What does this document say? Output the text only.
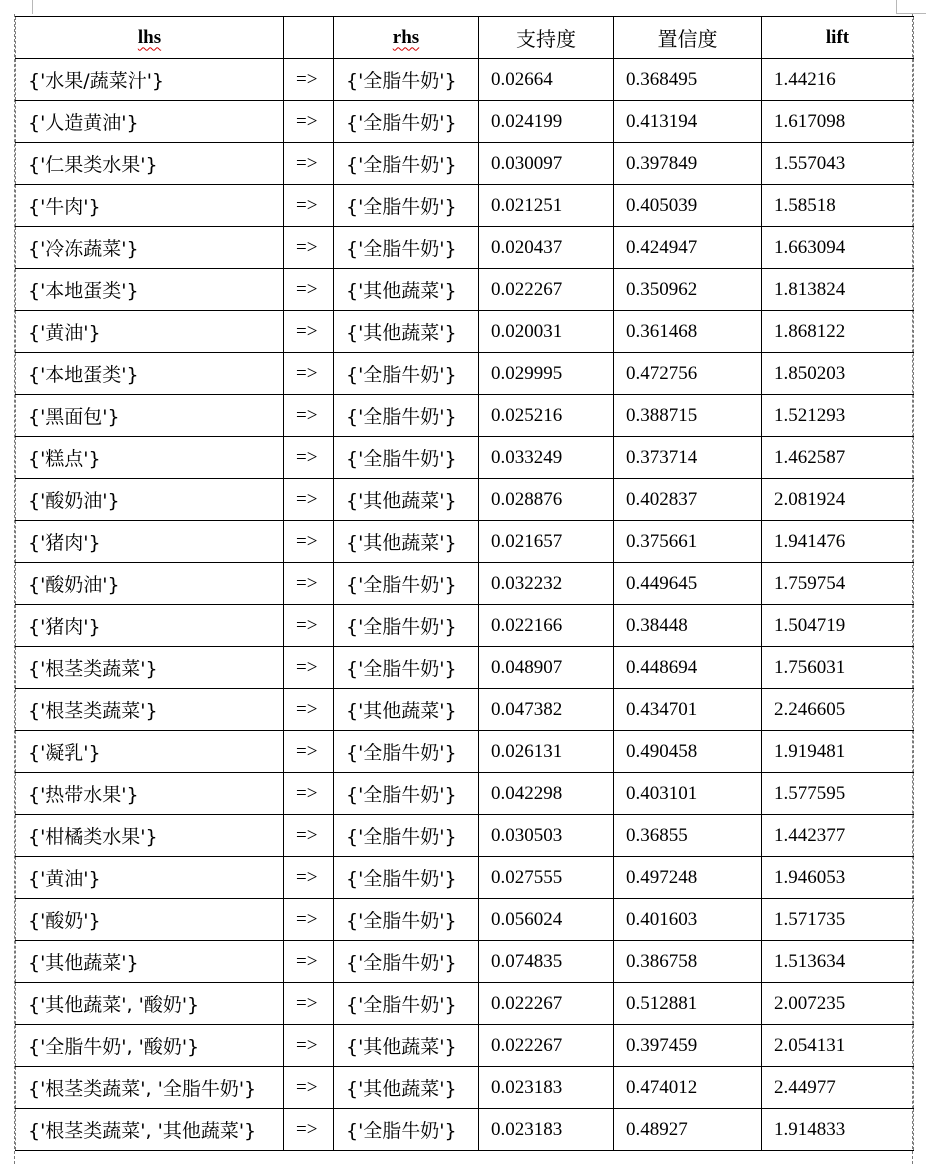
lhs		rhs	支持度	置信度	lift
{'水果/蔬菜汁'}	=>	{'全脂牛奶'}	0.02664	0.368495	1.44216
{'人造黄油'}	=>	{'全脂牛奶'}	0.024199	0.413194	1.617098
{'仁果类水果'}	=>	{'全脂牛奶'}	0.030097	0.397849	1.557043
{'牛肉'}	=>	{'全脂牛奶'}	0.021251	0.405039	1.58518
{'冷冻蔬菜'}	=>	{'全脂牛奶'}	0.020437	0.424947	1.663094
{'本地蛋类'}	=>	{'其他蔬菜'}	0.022267	0.350962	1.813824
{'黄油'}	=>	{'其他蔬菜'}	0.020031	0.361468	1.868122
{'本地蛋类'}	=>	{'全脂牛奶'}	0.029995	0.472756	1.850203
{'黑面包'}	=>	{'全脂牛奶'}	0.025216	0.388715	1.521293
{'糕点'}	=>	{'全脂牛奶'}	0.033249	0.373714	1.462587
{'酸奶油'}	=>	{'其他蔬菜'}	0.028876	0.402837	2.081924
{'猪肉'}	=>	{'其他蔬菜'}	0.021657	0.375661	1.941476
{'酸奶油'}	=>	{'全脂牛奶'}	0.032232	0.449645	1.759754
{'猪肉'}	=>	{'全脂牛奶'}	0.022166	0.38448	1.504719
{'根茎类蔬菜'}	=>	{'全脂牛奶'}	0.048907	0.448694	1.756031
{'根茎类蔬菜'}	=>	{'其他蔬菜'}	0.047382	0.434701	2.246605
{'凝乳'}	=>	{'全脂牛奶'}	0.026131	0.490458	1.919481
{'热带水果'}	=>	{'全脂牛奶'}	0.042298	0.403101	1.577595
{'柑橘类水果'}	=>	{'全脂牛奶'}	0.030503	0.36855	1.442377
{'黄油'}	=>	{'全脂牛奶'}	0.027555	0.497248	1.946053
{'酸奶'}	=>	{'全脂牛奶'}	0.056024	0.401603	1.571735
{'其他蔬菜'}	=>	{'全脂牛奶'}	0.074835	0.386758	1.513634
{'其他蔬菜', '酸奶'}	=>	{'全脂牛奶'}	0.022267	0.512881	2.007235
{'全脂牛奶', '酸奶'}	=>	{'其他蔬菜'}	0.022267	0.397459	2.054131
{'根茎类蔬菜', '全脂牛奶'}	=>	{'其他蔬菜'}	0.023183	0.474012	2.44977
{'根茎类蔬菜', '其他蔬菜'}	=>	{'全脂牛奶'}	0.023183	0.48927	1.914833
